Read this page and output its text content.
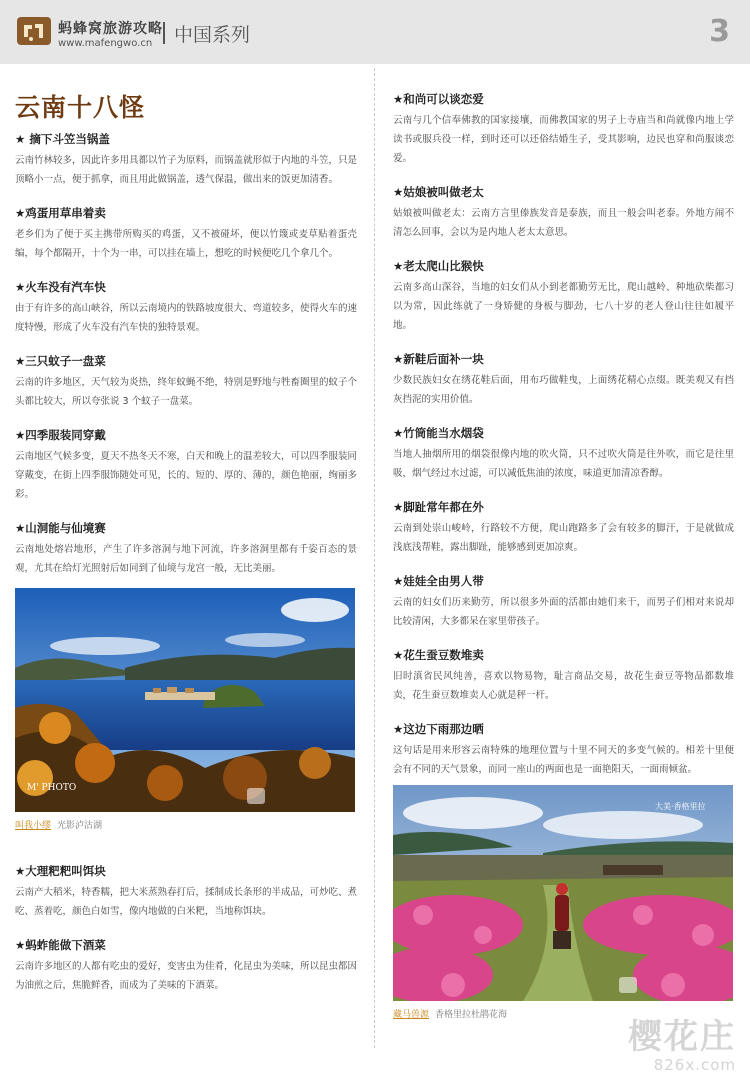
蚂蜂窝旅游攻略
www.mafengwo.cn 中国系列	3
云南十八怪
★ 摘下斗笠当锅盖
云南竹林较多，因此许多用具都以竹子为原料，而锅盖就形似于内地的斗笠，只是顶略小一点，便于抓拿，而且用此做锅盖，透气保温，做出来的饭更加清香。
★鸡蛋用草串着卖
老乡们为了便于买主携带所购买的鸡蛋，又不被碰坏，便以竹篾或麦草贴着蛋壳编，每个都隔开，十个为一串，可以挂在墙上，想吃的时候便吃几个拿几个。
★火车没有汽车快
由于有许多的高山峡谷，所以云南境内的铁路坡度很大、弯道较多，使得火车的速度特慢，形成了火车没有汽车快的独特景观。
★三只蚊子一盘菜
云南的许多地区，天气较为炎热，终年蚊蝇不绝，特别是野地与牲畜圈里的蚊子个头都比较大，所以夸张说 3 个蚊子一盘菜。
★四季服装同穿戴
云南地区气候多变，夏天不热冬天不寒，白天和晚上的温差较大，可以四季服装同穿戴变，在街上四季服饰随处可见，长的、短的、厚的、薄的，颜色艳丽，绚丽多彩。
★山洞能与仙境赛
云南地处熔岩地形，产生了许多溶洞与地下河流，许多溶洞里都有千姿百态的景观，尤其在给灯光照射后如同到了仙境与龙宫一般，无比美丽。
M' PHOTO
叫我小缪 光影泸沽湖
★大理粑粑叫饵块
云南产大稻米，特香糯，把大米蒸熟春打后，揉制成长条形的半成品，可炒吃、煮吃、蒸着吃，颜色白如雪，像内地做的白米粑，当地称饵块。
★蚂蚱能做下酒菜
云南许多地区的人都有吃虫的爱好，变害虫为佳肴，化昆虫为美味，所以昆虫都因为油煎之后，焦脆鲜香，而成为了美味的下酒菜。
★和尚可以谈恋爱
云南与几个信奉佛教的国家接壤，而佛教国家的男子上寺庙当和尚就像内地上学读书或服兵役一样，到时还可以还俗结婚生子，受其影响，边民也穿和尚服谈恋爱。
★姑娘被叫做老太
姑娘被叫做老太：云南方言里傣族发音是泰族，而且一般会叫老泰。外地方闹不清怎么回事，会以为是内地人老太太意思。
★老太爬山比猴快
云南多高山深谷，当地的妇女们从小到老都勤劳无比，爬山越岭、种地砍柴都习以为常，因此练就了一身矫健的身板与脚劲，七八十岁的老人登山往往如履平地。
★新鞋后面补一块
少数民族妇女在绣花鞋后面，用布巧做鞋曳，上面绣花精心点缀。既美观又有挡灰挡泥的实用价值。
★竹筒能当水烟袋
当地人抽烟所用的烟袋很像内地的吹火筒，只不过吹火筒是往外吹，而它是往里吸，烟气经过水过滤，可以减低焦油的浓度，味道更加清凉香醇。
★脚趾常年都在外
云南到处崇山峻岭，行路较不方便，爬山跑路多了会有较多的脚汗，于是就做成浅底浅帮鞋，露出脚趾，能够感到更加凉爽。
★娃娃全由男人带
云南的妇女们历来勤劳，所以很多外面的活都由她们来干，而男子们相对来说却比较清闲，大多都呆在家里带孩子。
★花生蚕豆数堆卖
旧时滇省民风纯善，喜欢以物易物，耻言商品交易，故花生蚕豆等物品都数堆卖，花生蚕豆数堆卖人心就是秤一杆。
★这边下雨那边晒
这句话是用来形容云南特殊的地理位置与十里不同天的多变气候的。相差十里便会有不同的天气景象，而同一座山的两面也是一面艳阳天，一面雨倾盆。
大美·香格里拉
藏马兽源 香格里拉杜鹃花海
樱花庄
826x.com
